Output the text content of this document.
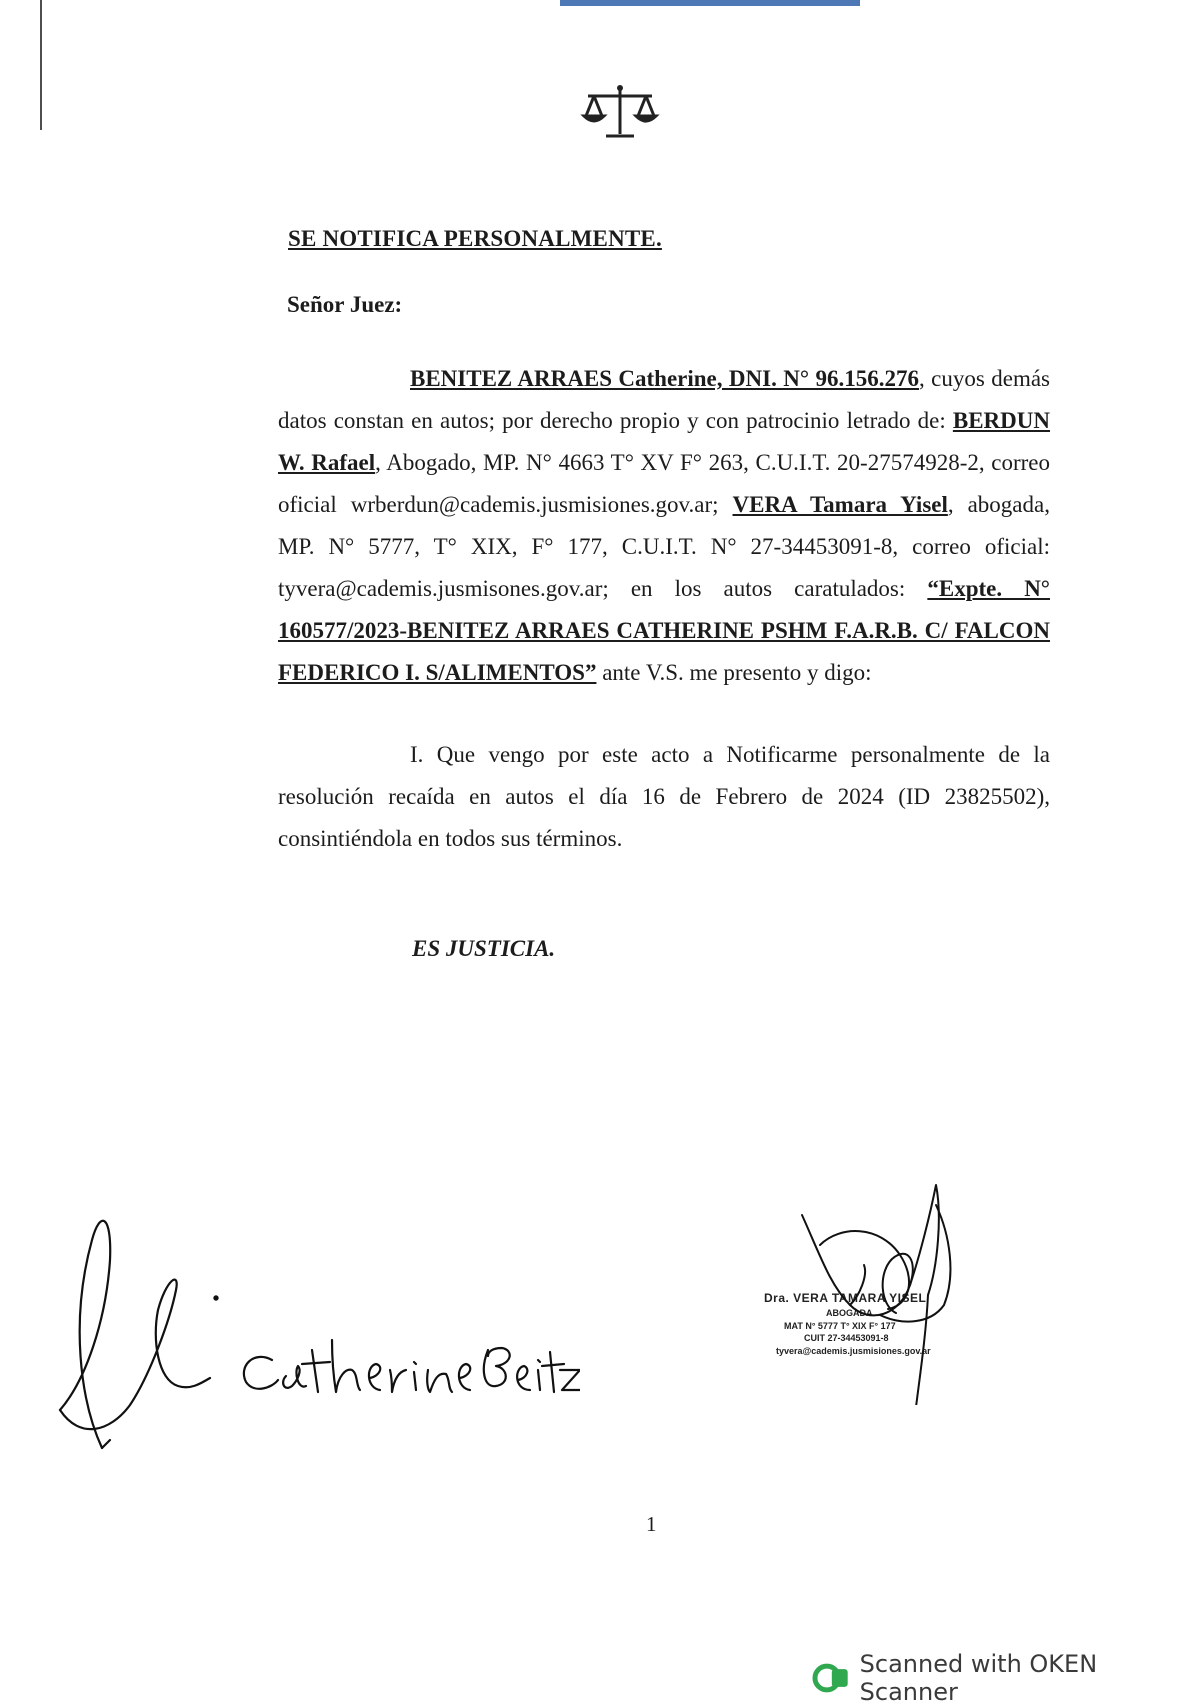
SE NOTIFICA PERSONALMENTE.
Señor Juez:

BENITEZ ARRAES Catherine, DNI. N° 96.156.276, cuyos demás datos constan en autos; por derecho propio y con patrocinio letrado de: BERDUN W. Rafael, Abogado, MP. N° 4663 T° XV F° 263, C.U.I.T. 20-27574928-2, correo oficial wrberdun@cademis.jusmisiones.gov.ar; VERA Tamara Yisel, abogada, MP. N° 5777, T° XIX, F° 177, C.U.I.T. N° 27-34453091-8, correo oficial: tyvera@cademis.jusmisones.gov.ar; en los autos caratulados: “Expte. N° 160577/2023-BENITEZ ARRAES CATHERINE PSHM F.A.R.B. C/ FALCON FEDERICO I. S/ALIMENTOS” ante V.S. me presento y digo:

I. Que vengo por este acto a Notificarme personalmente de la resolución recaída en autos el día 16 de Febrero de 2024 (ID 23825502), consintiéndola en todos sus términos.

ES JUSTICIA.
Dra. VERA TAMARA YISEL
ABOGADA
MAT N° 5777 T° XIX F° 177
CUIT 27-34453091-8
tyvera@cademis.jusmisiones.gov.ar
1
Scanned with OKEN Scanner
